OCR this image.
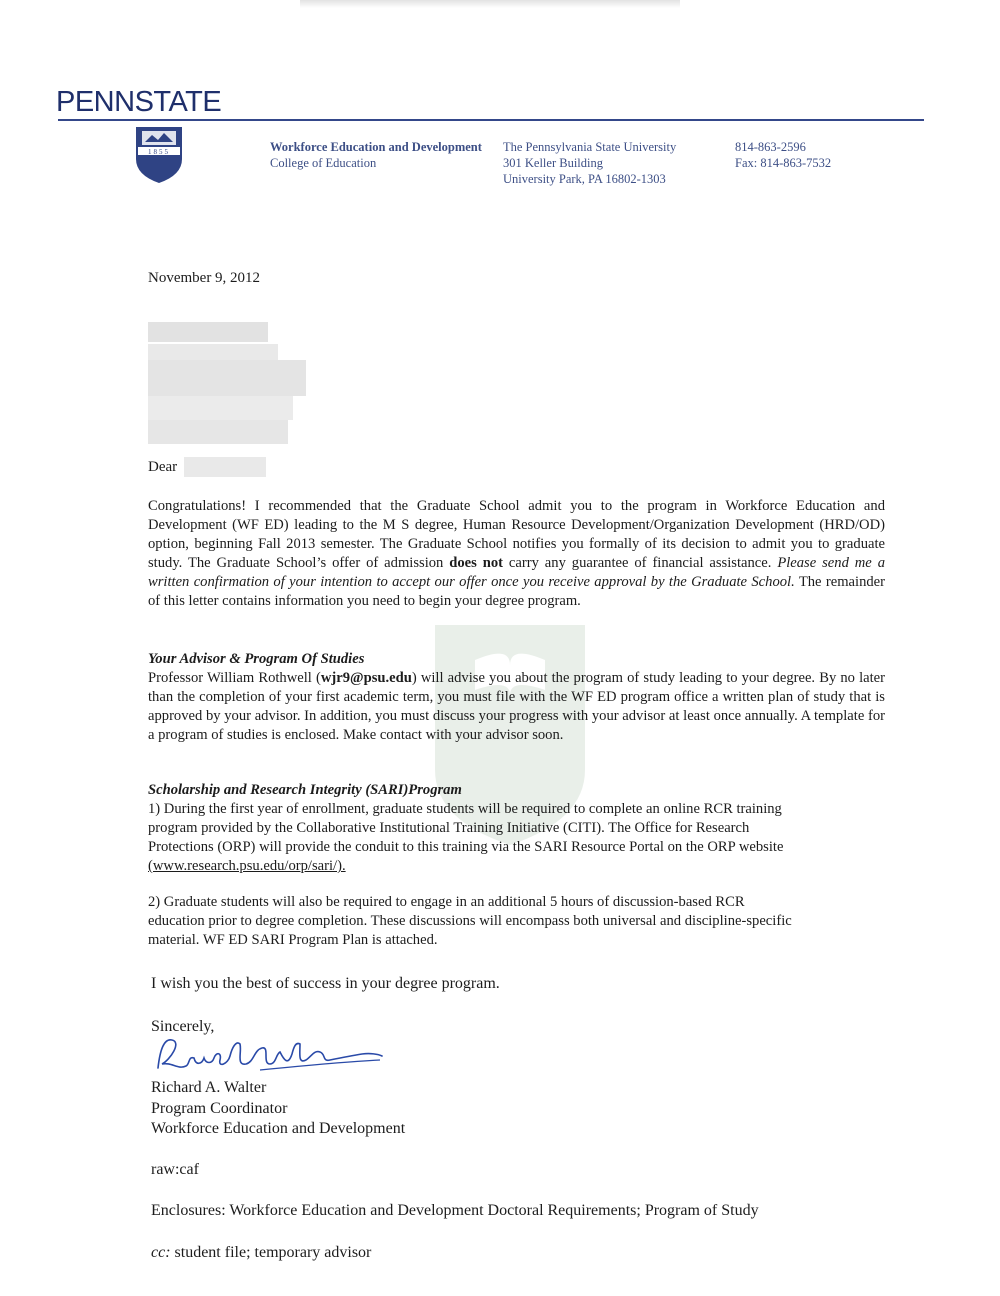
PENNSTATE
1855	Workforce Education and Development
College of Education
The Pennsylvania State University
301 Keller Building
University Park, PA 16802-1303
814-863-2596
Fax: 814-863-7532
November 9, 2012
Dear
Congratulations! I recommended that the Graduate School admit you to the program in Workforce Education and Development (WF ED) leading to the M S degree, Human Resource Development/Organization Development (HRD/OD) option, beginning Fall 2013 semester. The Graduate School notifies you formally of its decision to admit you to graduate study. The Graduate School’s offer of admission does not carry any guarantee of financial assistance. Please send me a written confirmation of your intention to accept our offer once you receive approval by the Graduate School. The remainder of this letter contains information you need to begin your degree program.
Your Advisor & Program Of Studies
Professor William Rothwell (wjr9@psu.edu) will advise you about the program of study leading to your degree. By no later than the completion of your first academic term, you must file with the WF ED program office a written plan of study that is approved by your advisor. In addition, you must discuss your progress with your advisor at least once annually. A template for a program of studies is enclosed. Make contact with your advisor soon.
Scholarship and Research Integrity (SARI)Program
1) During the first year of enrollment, graduate students will be required to complete an online RCR training
program provided by the Collaborative Institutional Training Initiative (CITI). The Office for Research
Protections (ORP) will provide the conduit to this training via the SARI Resource Portal on the ORP website
(www.research.psu.edu/orp/sari/).
2) Graduate students will also be required to engage in an additional 5 hours of discussion-based RCR
education prior to degree completion. These discussions will encompass both universal and discipline-specific
material. WF ED SARI Program Plan is attached.
I wish you the best of success in your degree program.
Sincerely,
Richard A. Walter
Program Coordinator
Workforce Education and Development
raw:caf
Enclosures: Workforce Education and Development Doctoral Requirements; Program of Study
cc: student file; temporary advisor
